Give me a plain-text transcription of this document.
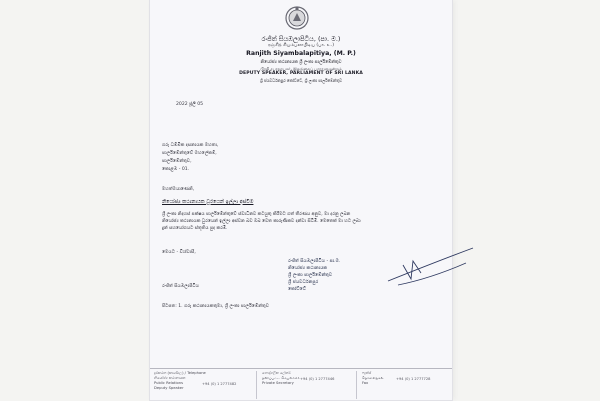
රංජිත් සියඹලාපිටිය, (පා. ම.)
ரஞ்சித் சியம்பலாபிடிய (பா. உ.)
Ranjith Siyambalapitiya, (M. P.)
නියෝජ්‍ය කථානායක ශ්‍රී ලංකා පාර්ලිමේන්තුව
பிரதி சபாநாயகர், இலங்கைப் பாராளுமன்றம்
DEPUTY SPEAKER, PARLIAMENT OF SRI LANKA
ශ්‍රී ජයවර්ධනපුර කෝට්ටේ, ශ්‍රී ලංකා පාර්ලිමේන්තුව
2022 ජූලි 05
ගරු ධම්මික දසනායක මහතා,
පාර්ලිමේන්තුවේ මහලේකම්,
පාර්ලිමේන්තුව,
කොළඹ - 01.
මහත්මයාණෙනි,
නියෝජ්‍ය කථානායක ධුරයෙන් ඉල්ලා අස්වීම
ශ්‍රී ලංකා නිදහස් පක්ෂය පාර්ලිමේන්තුවේ ස්වාධීනව කටයුතු කිරීමට ගත් තීරණය අනුව, මා දරනු ලබන නියෝජ්‍ය කථානායක ධුරයෙන් ඉල්ලා අස්වන බව ඔබ වෙත කාරුණිකව දන්වා සිටිමි. මෙතෙක් මා හට ලබා දුන් සහයෝගයට ස්තූතිය පුද කරමි.
මෙයට - විශ්වාසී,
රංජිත් සියඹලාපිටිය - පා.ම.
නියෝජ්‍ය කථානායක
ශ්‍රී ලංකා පාර්ලිමේන්තුව
ශ්‍රී ජයවර්ධනපුර
කෝට්ටේ
රංජිත් සියඹලාපිටිය
පිටපත: 1. ගරු කථානායකතුමා, ශ්‍රී ලංකා පාර්ලිමේන්තුව
දුරකථන (කාර්යාල) / Telephone
නියෝජ්‍ය කථානායක
Public Relations
Deputy Speaker
+94 (0) 1 2777482
පෞද්ගලික ලේකම්
தனிப்பட்ட செயலாளர்
Private Secretary
+94 (0) 1 2777446
ෆැක්ස්
தொலைநகல்
Fax
+94 (0) 1 2777728
